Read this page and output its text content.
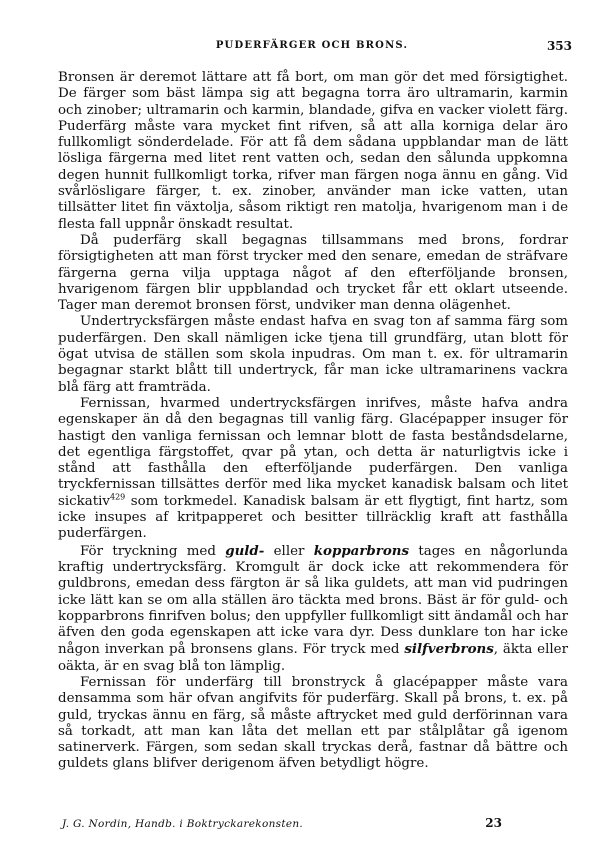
PUDERFÄRGER OCH BRONS.	353

Bronsen är deremot lättare att få bort, om man gör det med försigtighet. De färger som bäst lämpa sig att begagna torra äro ultramarin, karmin och zinober; ultramarin och karmin, blandade, gifva en vacker violett färg. Puderfärg måste vara mycket fint rifven, så att alla korniga delar äro fullkomligt sönderdelade. För att få dem sådana uppblandar man de lätt lösliga färgerna med litet rent vatten och, sedan den sålunda uppkomna degen hunnit fullkomligt torka, rifver man färgen noga ännu en gång. Vid svårlösligare färger, t. ex. zinober, använder man icke vatten, utan tillsätter litet fin växtolja, såsom riktigt ren matolja, hvarigenom man i de flesta fall uppnår önskadt resultat.

Då puderfärg skall begagnas tillsammans med brons, fordrar försigtigheten att man först trycker med den senare, emedan de sträfvare färgerna gerna vilja upptaga något af den efterföljande bronsen, hvarigenom färgen blir uppblandad och trycket får ett oklart utseende. Tager man deremot bronsen först, undviker man denna olägenhet.

Undertrycksfärgen måste endast hafva en svag ton af samma färg som puderfärgen. Den skall nämligen icke tjena till grundfärg, utan blott för ögat utvisa de ställen som skola inpudras. Om man t. ex. för ultramarin begagnar starkt blått till undertryck, får man icke ultramarinens vackra blå färg att framträda.

Fernissan, hvarmed undertrycksfärgen inrifves, måste hafva andra egenskaper än då den begagnas till vanlig färg. Glacépapper insuger för hastigt den vanliga fernissan och lemnar blott de fasta beståndsdelarne, det egentliga färgstoffet, qvar på ytan, och detta är naturligtvis icke i stånd att fasthålla den efterföljande puderfärgen. Den vanliga tryckfernissan tillsättes derför med lika mycket kanadisk balsam och litet sickativ$^{429}$ som torkmedel. Kanadisk balsam är ett flygtigt, fint hartz, som icke insupes af kritpapperet och besitter tillräcklig kraft att fasthålla puderfärgen.

För tryckning med guld- eller kopparbrons tages en någorlunda kraftig undertrycksfärg. Kromgult är dock icke att rekommendera för guldbrons, emedan dess färgton är så lika guldets, att man vid pudringen icke lätt kan se om alla ställen äro täckta med brons. Bäst är för guld- och kopparbrons finrifven bolus; den uppfyller fullkomligt sitt ändamål och har äfven den goda egenskapen att icke vara dyr. Dess dunklare ton har icke någon inverkan på bronsens glans. För tryck med silfverbrons, äkta eller oäkta, är en svag blå ton lämplig.

Fernissan för underfärg till bronstryck å glacépapper måste vara densamma som här ofvan angifvits för puderfärg. Skall på brons, t. ex. på guld, tryckas ännu en färg, så måste aftrycket med guld derförinnan vara så torkadt, att man kan låta det mellan ett par stålplåtar gå igenom satinerverk. Färgen, som sedan skall tryckas derå, fastnar då bättre och guldets glans blifver derigenom äfven betydligt högre.

J. G. Nordin, Handb. i Boktryckarekonsten.	23
